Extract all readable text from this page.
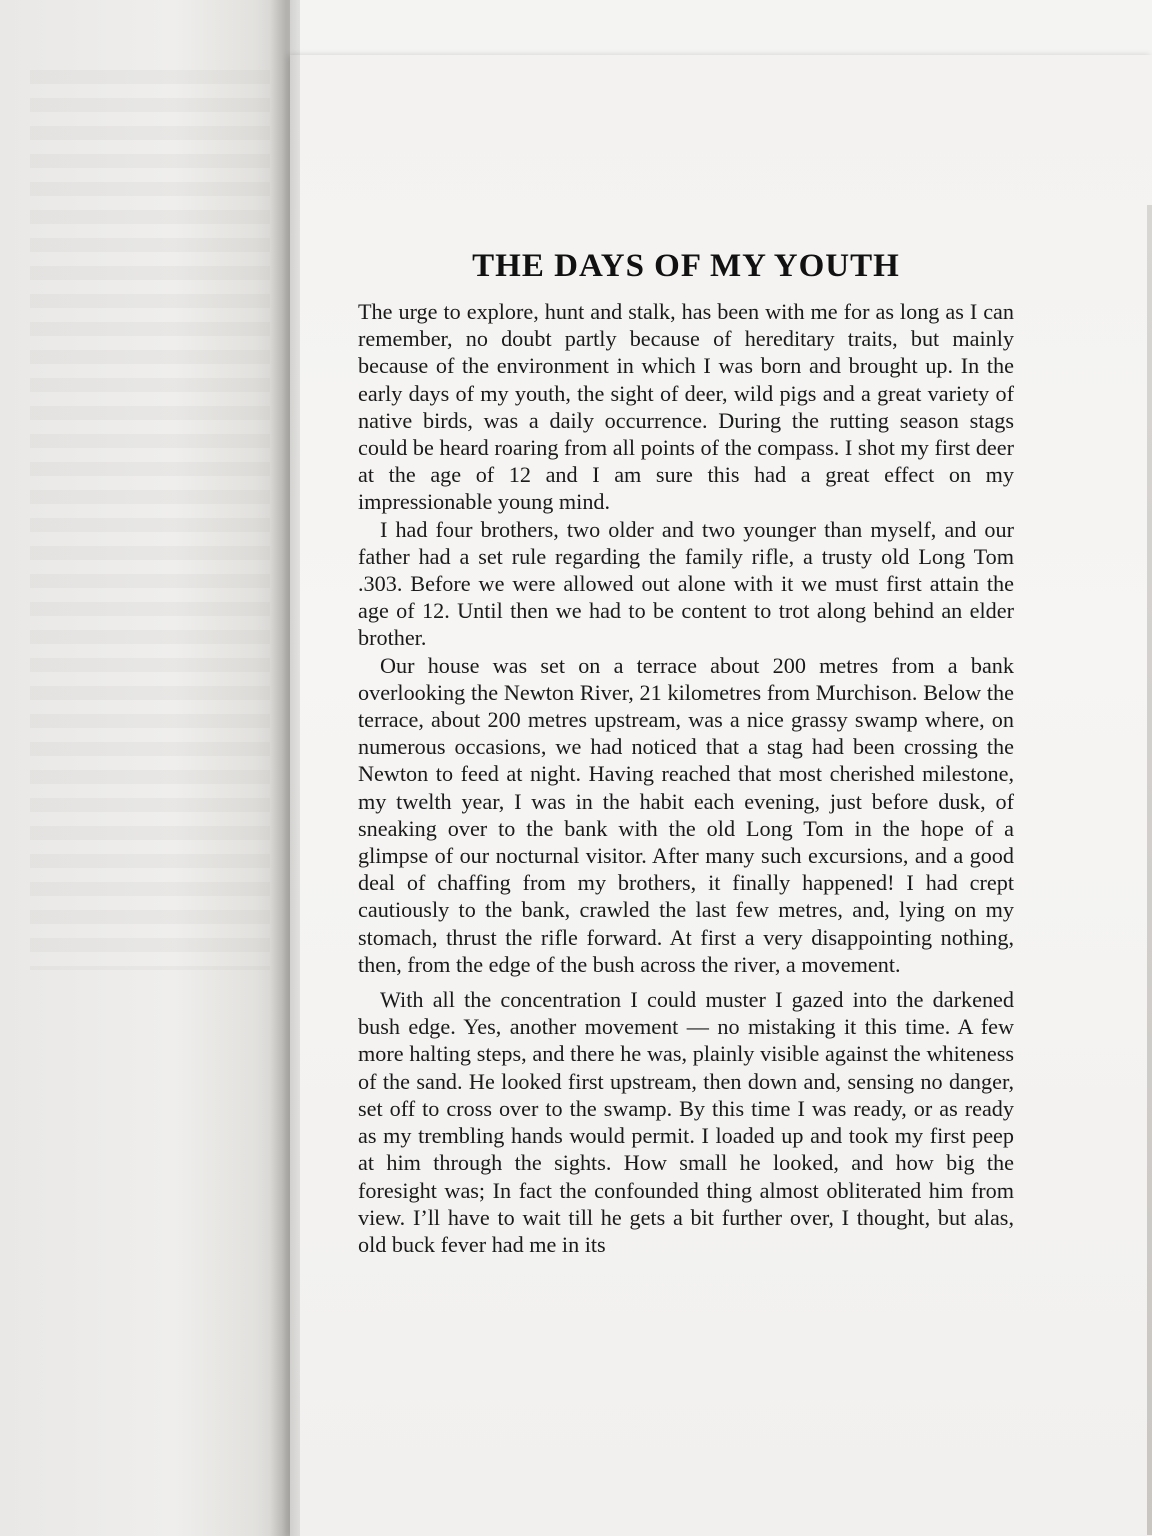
THE DAYS OF MY YOUTH

The urge to explore, hunt and stalk, has been with me for as long as I can remember, no doubt partly because of hereditary traits, but mainly because of the environment in which I was born and brought up. In the early days of my youth, the sight of deer, wild pigs and a great variety of native birds, was a daily occurrence. During the rutting season stags could be heard roaring from all points of the compass. I shot my first deer at the age of 12 and I am sure this had a great effect on my impressionable young mind.

I had four brothers, two older and two younger than myself, and our father had a set rule regarding the family rifle, a trusty old Long Tom .303. Before we were allowed out alone with it we must first attain the age of 12. Until then we had to be content to trot along behind an elder brother.

Our house was set on a terrace about 200 metres from a bank overlooking the Newton River, 21 kilometres from Murchison. Below the terrace, about 200 metres upstream, was a nice grassy swamp where, on numerous occasions, we had noticed that a stag had been crossing the Newton to feed at night. Having reached that most cherished milestone, my twelth year, I was in the habit each evening, just before dusk, of sneaking over to the bank with the old Long Tom in the hope of a glimpse of our nocturnal visitor. After many such excursions, and a good deal of chaffing from my brothers, it finally happened! I had crept cautiously to the bank, crawled the last few metres, and, lying on my stomach, thrust the rifle forward. At first a very disappointing nothing, then, from the edge of the bush across the river, a movement.

With all the concentration I could muster I gazed into the darkened bush edge. Yes, another movement — no mistaking it this time. A few more halting steps, and there he was, plainly visible against the whiteness of the sand. He looked first upstream, then down and, sensing no danger, set off to cross over to the swamp. By this time I was ready, or as ready as my trembling hands would permit. I loaded up and took my first peep at him through the sights. How small he looked, and how big the foresight was; In fact the confounded thing almost obliterated him from view. I’ll have to wait till he gets a bit further over, I thought, but alas, old buck fever had me in its
